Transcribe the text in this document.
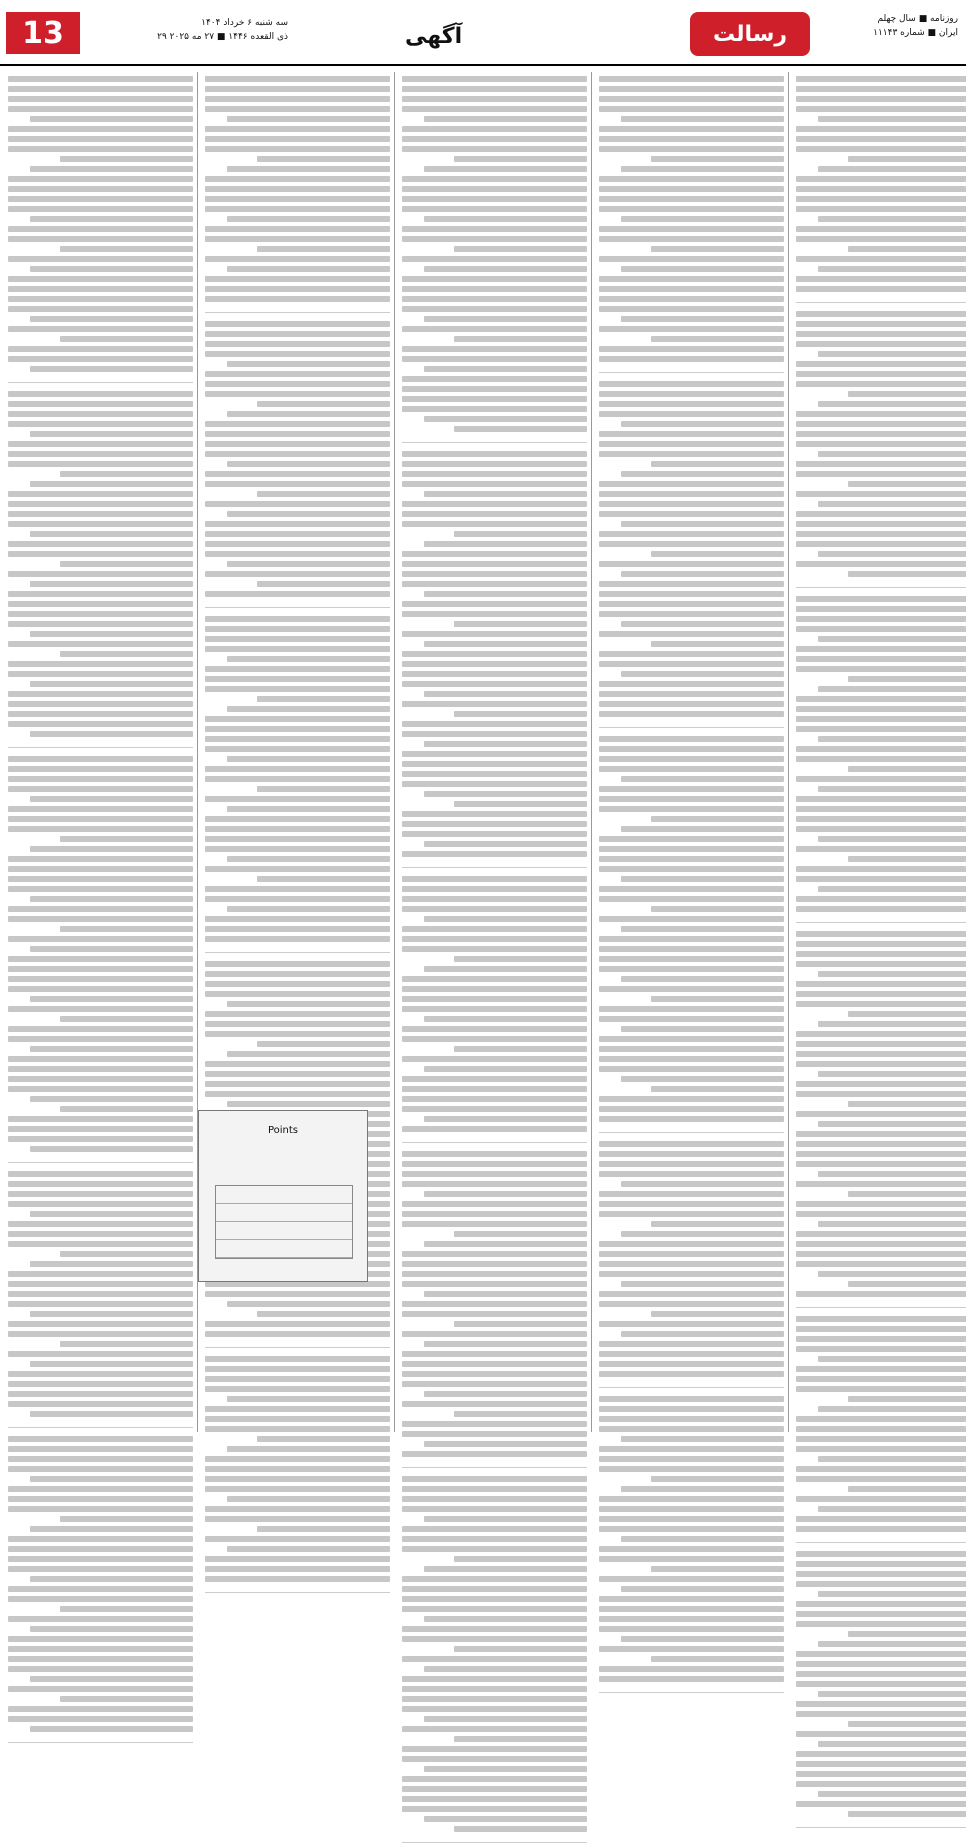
13	سه شنبه ۶ خرداد ۱۴۰۴
۲۹ ذی القعده ۱۴۴۶ ■ ۲۷ مه ۲۰۲۵	آگهی	رسالت
روزنامه ■ سال چهلم
ایران ■ شماره ۱۱۱۴۳
Points
